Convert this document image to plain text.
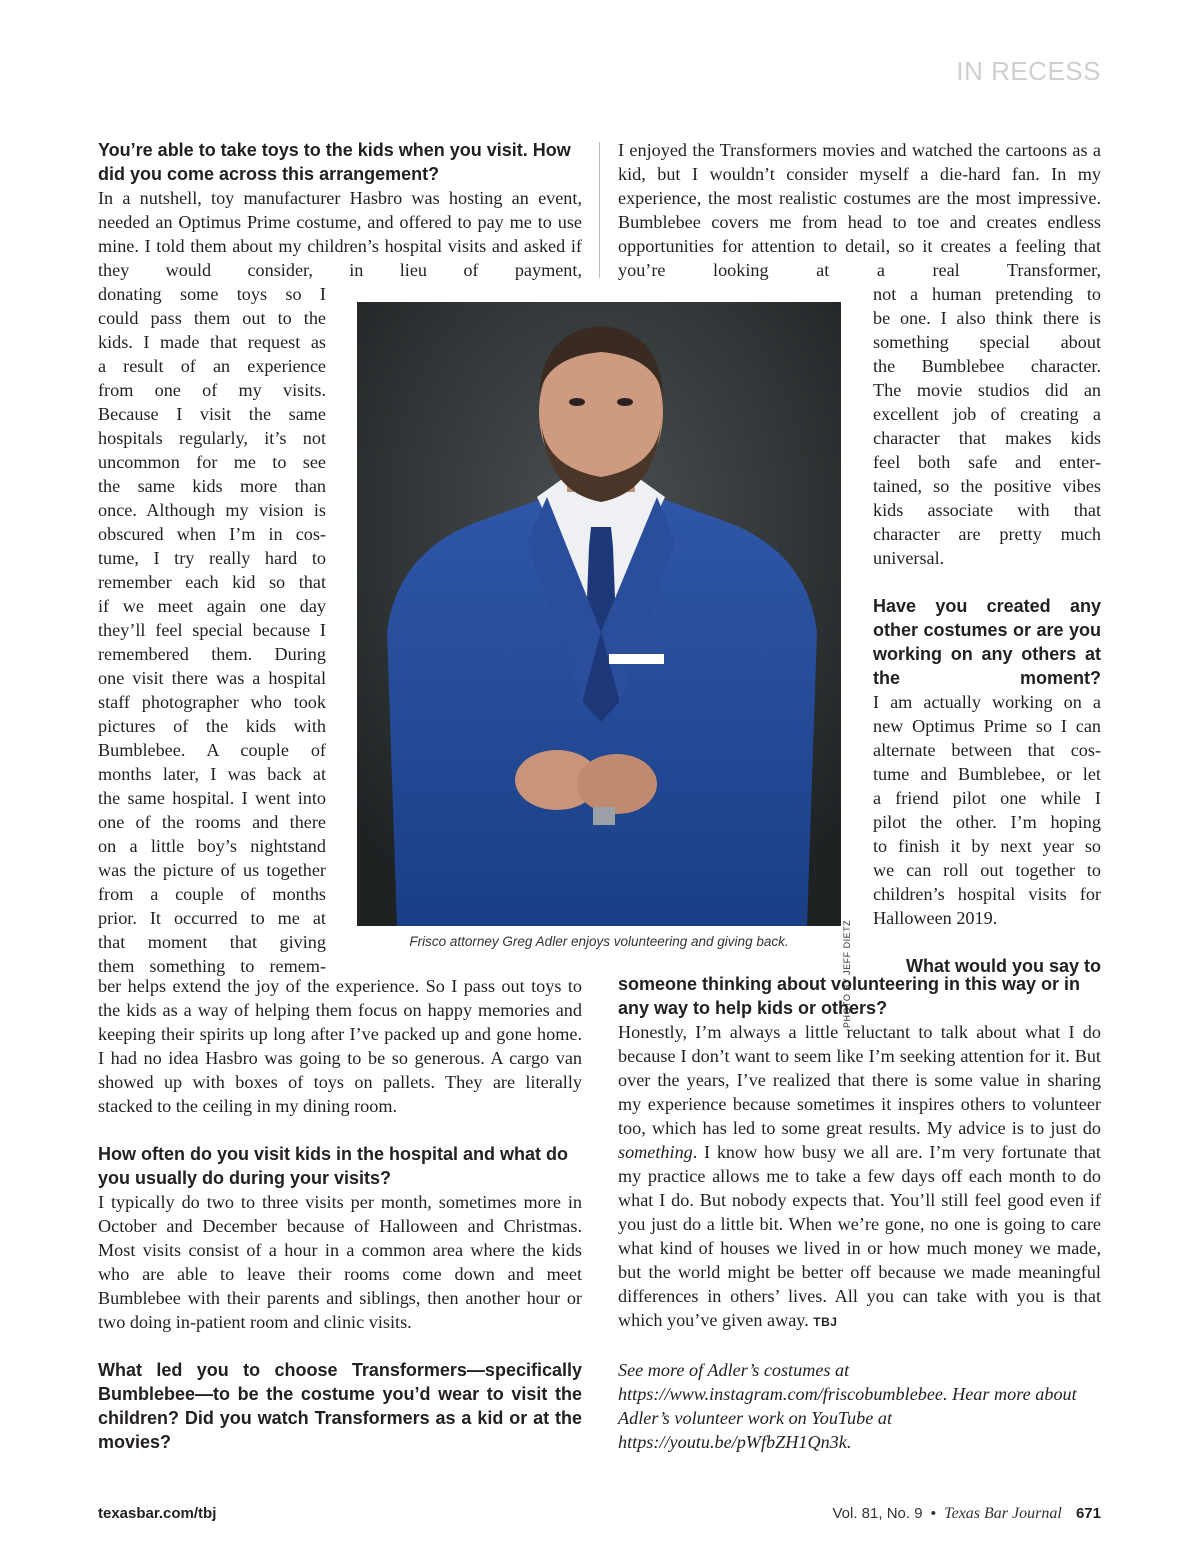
IN RECESS

You’re able to take toys to the kids when you visit. How did you come across this arrangement?

In a nutshell, toy manufacturer Hasbro was hosting an event, needed an Optimus Prime costume, and offered to pay me to use mine. I told them about my children’s hospital visits and asked if they would consider, in lieu of payment,

donating some toys so I
could pass them out to the
kids. I made that request as
a result of an experience
from one of my visits.
Because I visit the same
hospitals regularly, it’s not
uncommon for me to see
the same kids more than
once. Although my vision is
obscured when I’m in cos-
tume, I try really hard to
remember each kid so that
if we meet again one day
they’ll feel special because I
remembered them. During
one visit there was a hospital
staff photographer who took
pictures of the kids with
Bumblebee. A couple of
months later, I was back at
the same hospital. I went into
one of the rooms and there
on a little boy’s nightstand
was the picture of us together
from a couple of months
prior. It occurred to me at
that moment that giving
them something to remem-

ber helps extend the joy of the experience. So I pass out toys to the kids as a way of helping them focus on happy memories and keeping their spirits up long after I’ve packed up and gone home. I had no idea Hasbro was going to be so generous. A cargo van showed up with boxes of toys on pallets. They are literally stacked to the ceiling in my dining room.

How often do you visit kids in the hospital and what do you usually do during your visits?

I typically do two to three visits per month, sometimes more in October and December because of Halloween and Christmas. Most visits consist of a hour in a common area where the kids who are able to leave their rooms come down and meet Bumblebee with their parents and siblings, then another hour or two doing in-patient room and clinic visits.

What led you to choose Transformers—specifically Bumblebee—to be the costume you’d wear to visit the children? Did you watch Transformers as a kid or at the movies?

I enjoyed the Transformers movies and watched the cartoons as a kid, but I wouldn’t consider myself a die-hard fan. In my experience, the most realistic costumes are the most impressive. Bumblebee covers me from head to toe and creates endless opportunities for attention to detail, so it creates a feeling that you’re looking at a real Transformer,

not a human pretending to
be one. I also think there is
something special about
the Bumblebee character.
The movie studios did an
excellent job of creating a
character that makes kids
feel both safe and enter-
tained, so the positive vibes
kids associate with that
character are pretty much
universal.
Have you created any
other costumes or are you
working on any others at
the moment?
I am actually working on a
new Optimus Prime so I can
alternate between that cos-
tume and Bumblebee, or let
a friend pilot one while I
pilot the other. I’m hoping
to finish it by next year so
we can roll out together to
children’s hospital visits for
Halloween 2019.
What would you say to

someone thinking about volunteering in this way or in any way to help kids or others?

Honestly, I’m always a little reluctant to talk about what I do because I don’t want to seem like I’m seeking attention for it. But over the years, I’ve realized that there is some value in sharing my experience because sometimes it inspires others to volunteer too, which has led to some great results. My advice is to just do something. I know how busy we all are. I’m very fortunate that my practice allows me to take a few days off each month to do what I do. But nobody expects that. You’ll still feel good even if you just do a little bit. When we’re gone, no one is going to care what kind of houses we lived in or how much money we made, but the world might be better off because we made meaningful differences in others’ lives. All you can take with you is that which you’ve given away. TBJ

See more of Adler’s costumes at https://www.instagram.com/friscobumblebee. Hear more about Adler’s volunteer work on YouTube at https://youtu.be/pWfbZH1Qn3k.

PHOTO BY JEFF DIETZ
Frisco attorney Greg Adler enjoys volunteering and giving back.
texasbar.com/tbj	Vol. 81, No. 9 • Texas Bar Journal 671
